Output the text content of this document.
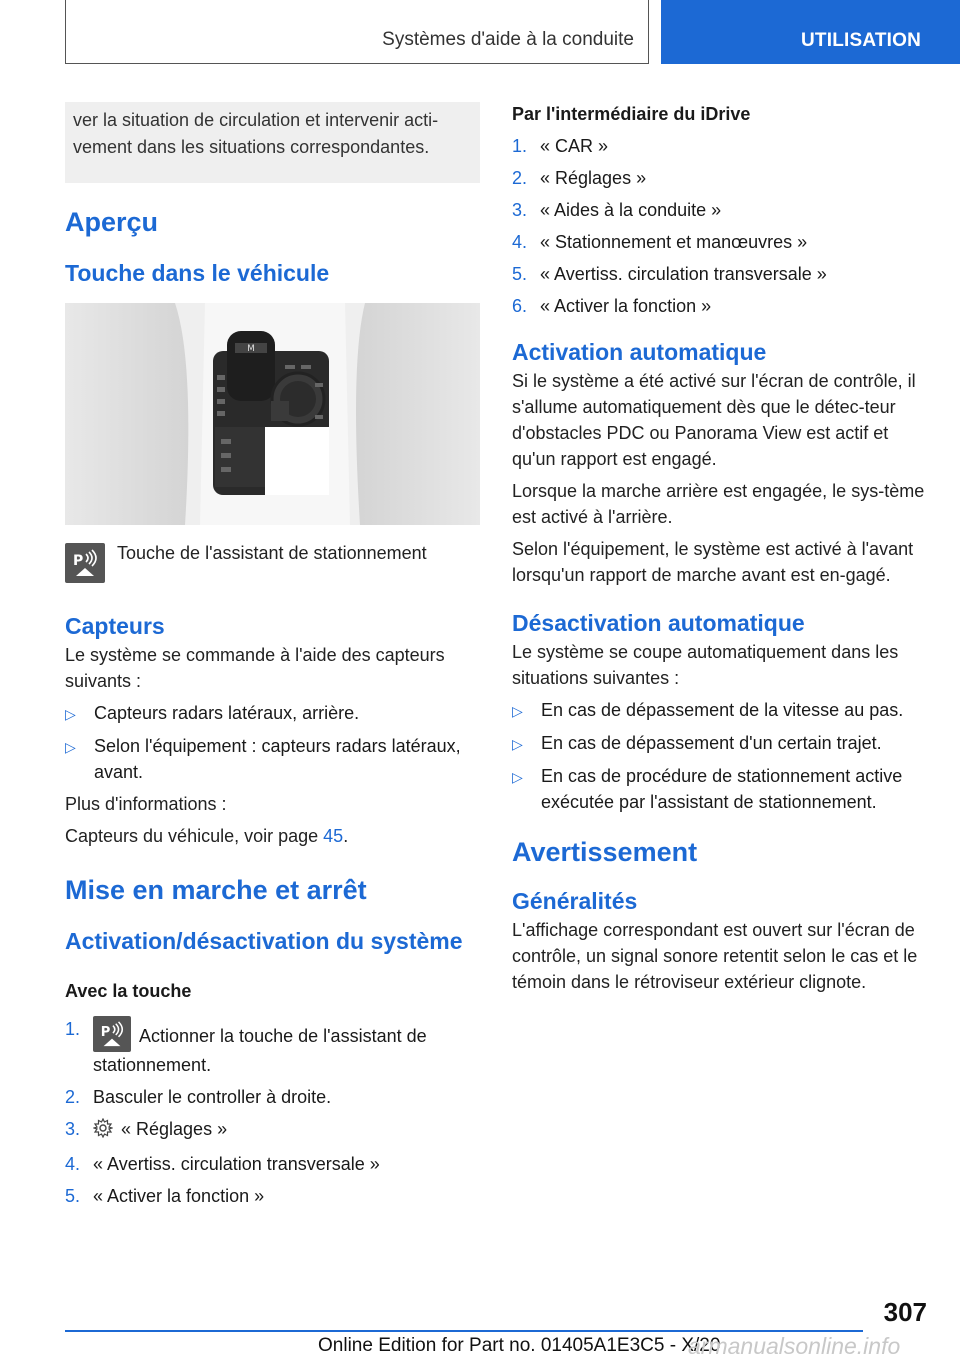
Systèmes d'aide à la conduite	UTILISATION
ver la situation de circulation et intervenir acti-vement dans les situations correspondantes.
Aperçu
Touche dans le véhicule
M
P Touche de l'assistant de stationnement

Capteurs

Le système se commande à l'aide des capteurs suivants :

▷	Capteurs radars latéraux, arrière.
▷	Selon l'équipement : capteurs radars latéraux, avant.

Plus d'informations :

Capteurs du véhicule, voir page 45.

Mise en marche et arrêt
Activation/désactivation du système
Avec la touche
1.	P Actionner la touche de l'assistant de stationnement.
2. Basculer le controller à droite.
3.	« Réglages »
4. « Avertiss. circulation transversale »
5. « Activer la fonction »
Par l'intermédiaire du iDrive
1. « CAR »
2. « Réglages »
3. « Aides à la conduite »
4. « Stationnement et manœuvres »
5. « Avertiss. circulation transversale »
6. « Activer la fonction »
Activation automatique

Si le système a été activé sur l'écran de contrôle, il s'allume automatiquement dès que le détec-teur d'obstacles PDC ou Panorama View est actif et qu'un rapport est engagé.

Lorsque la marche arrière est engagée, le sys-tème est activé à l'arrière.

Selon l'équipement, le système est activé à l'avant lorsqu'un rapport de marche avant est en-gagé.

Désactivation automatique

Le système se coupe automatiquement dans les situations suivantes :

▷	En cas de dépassement de la vitesse au pas.
▷	En cas de dépassement d'un certain trajet.
▷	En cas de procédure de stationnement active exécutée par l'assistant de stationnement.
Avertissement
Généralités

L'affichage correspondant est ouvert sur l'écran de contrôle, un signal sonore retentit selon le cas et le témoin dans le rétroviseur extérieur clignote.

307
Online Edition for Part no. 01405A1E3C5 - X/20
armanualsonline.info
